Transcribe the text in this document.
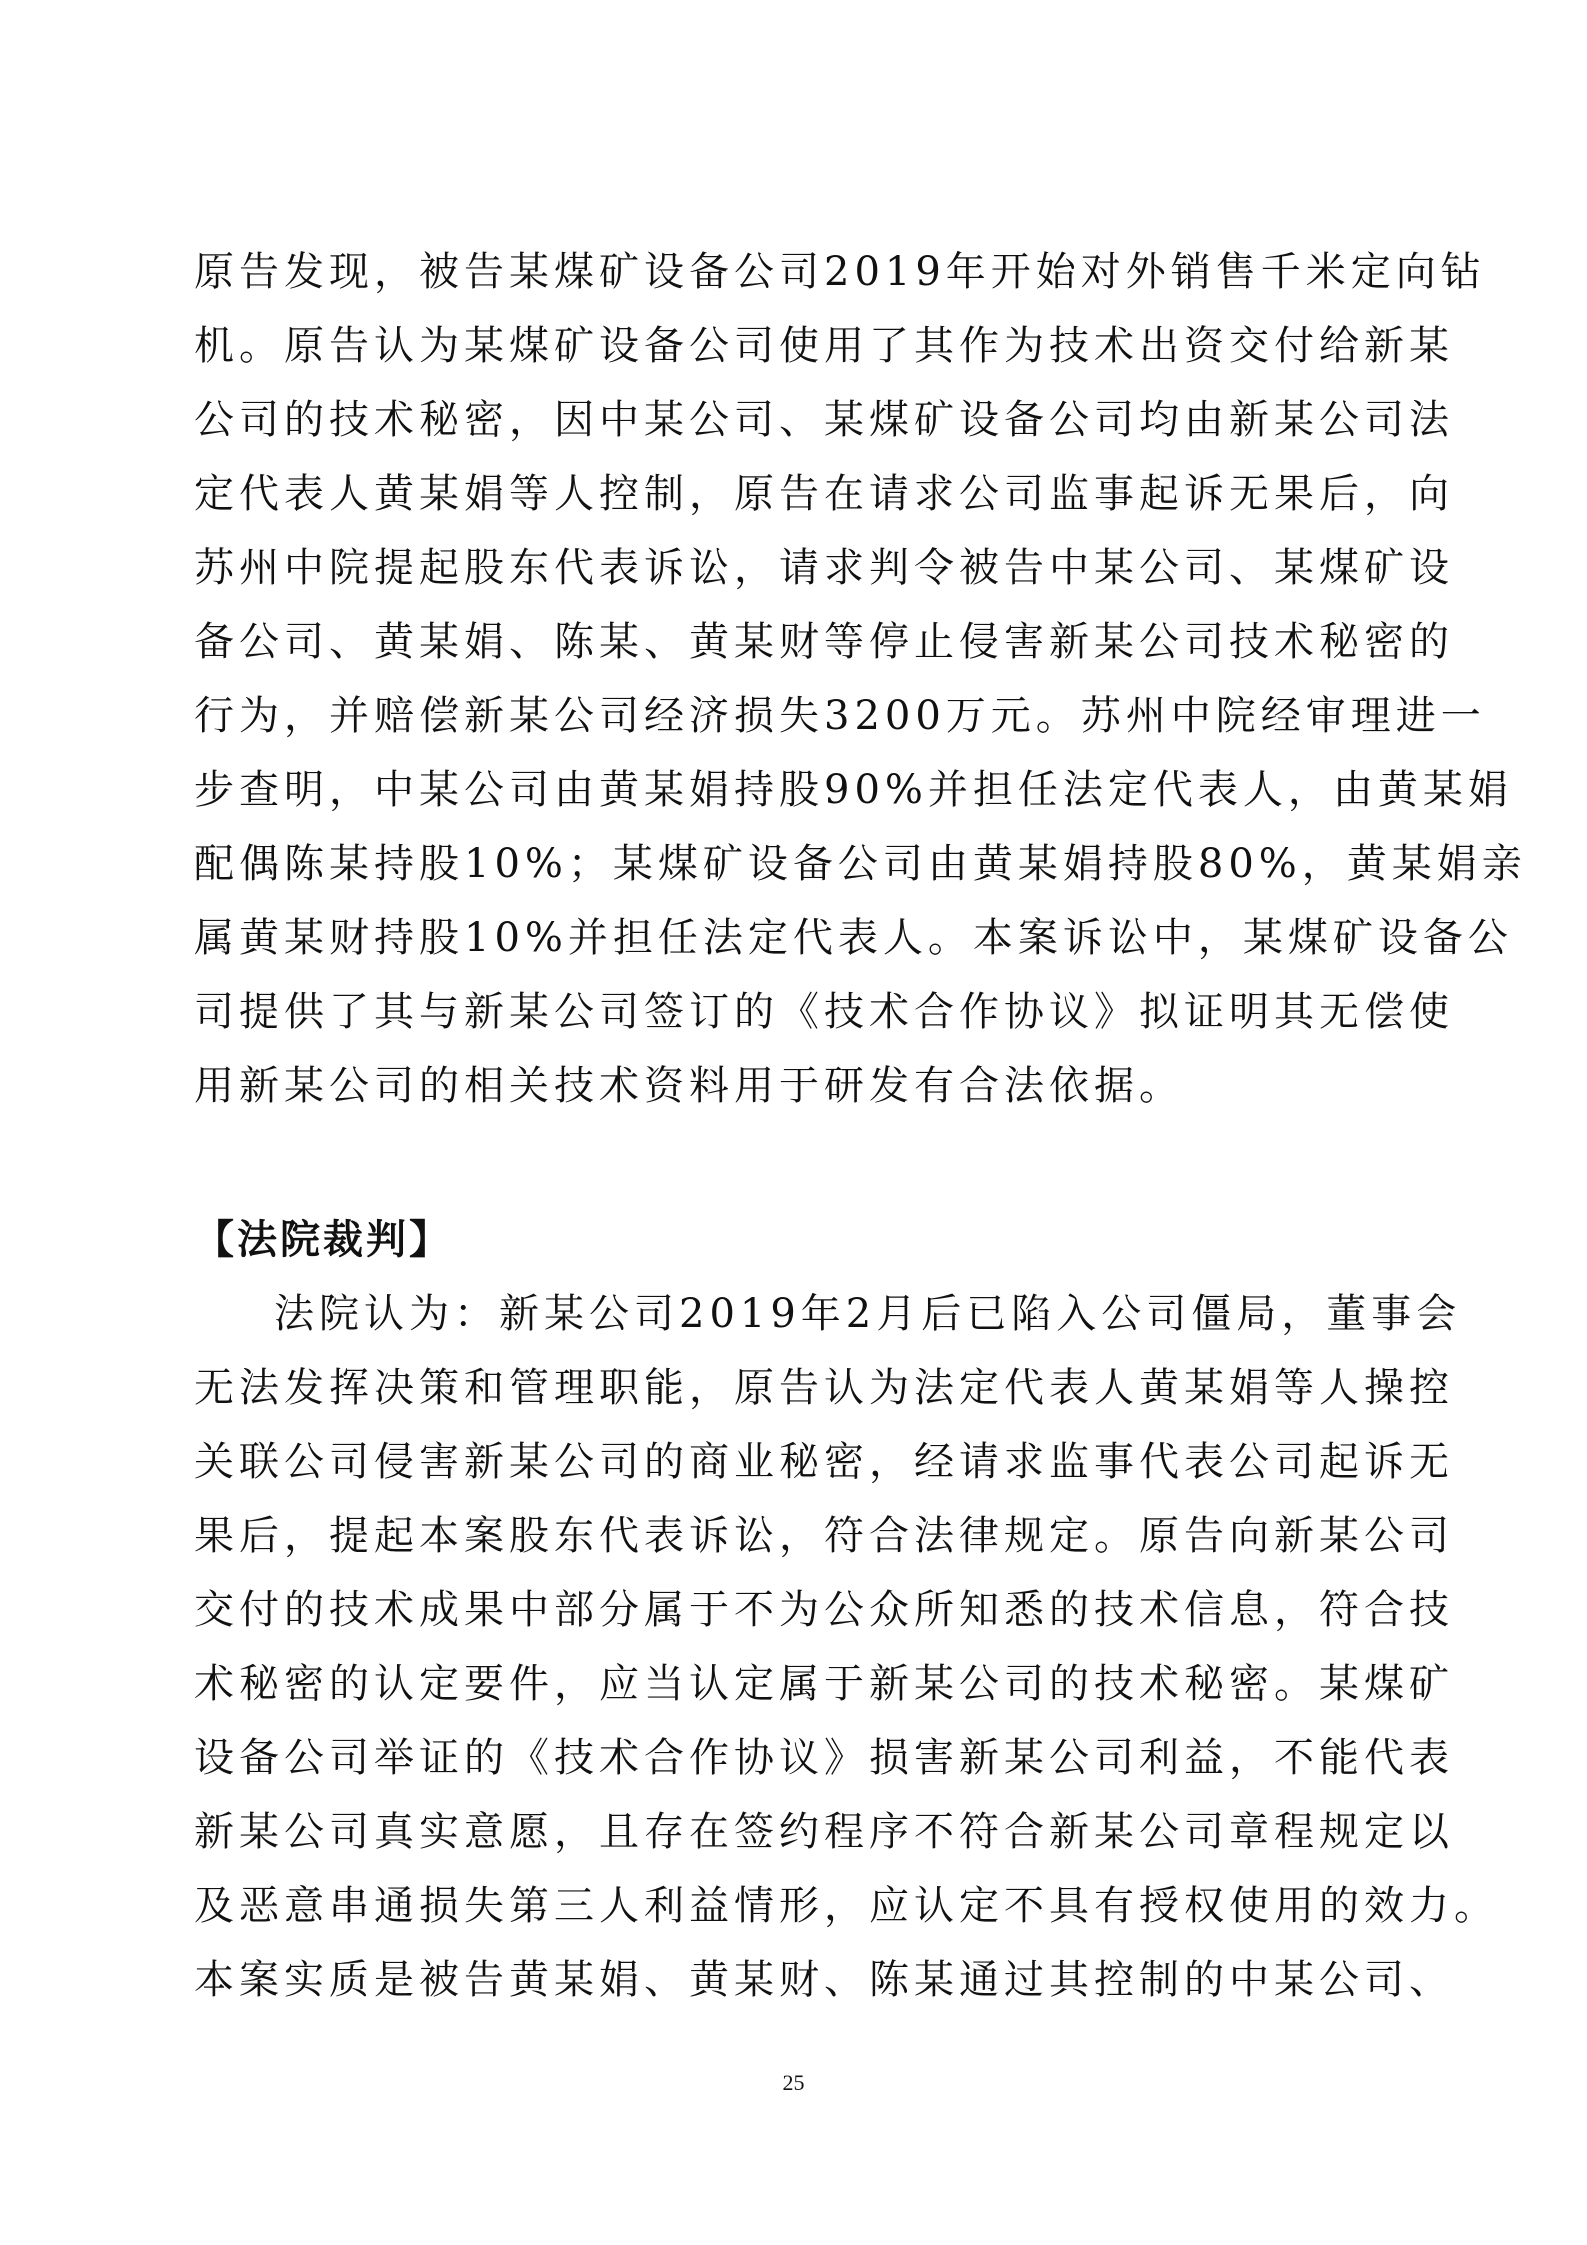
原告发现，被告某煤矿设备公司2019年开始对外销售千米定向钻
机。原告认为某煤矿设备公司使用了其作为技术出资交付给新某
公司的技术秘密，因中某公司、某煤矿设备公司均由新某公司法
定代表人黄某娟等人控制，原告在请求公司监事起诉无果后，向
苏州中院提起股东代表诉讼，请求判令被告中某公司、某煤矿设
备公司、黄某娟、陈某、黄某财等停止侵害新某公司技术秘密的
行为，并赔偿新某公司经济损失3200万元。苏州中院经审理进一
步查明，中某公司由黄某娟持股90%并担任法定代表人，由黄某娟
配偶陈某持股10%；某煤矿设备公司由黄某娟持股80%，黄某娟亲
属黄某财持股10%并担任法定代表人。本案诉讼中，某煤矿设备公
司提供了其与新某公司签订的《技术合作协议》拟证明其无偿使
用新某公司的相关技术资料用于研发有合法依据。
【法院裁判】
法院认为：新某公司2019年2月后已陷入公司僵局，董事会
无法发挥决策和管理职能，原告认为法定代表人黄某娟等人操控
关联公司侵害新某公司的商业秘密，经请求监事代表公司起诉无
果后，提起本案股东代表诉讼，符合法律规定。原告向新某公司
交付的技术成果中部分属于不为公众所知悉的技术信息，符合技
术秘密的认定要件，应当认定属于新某公司的技术秘密。某煤矿
设备公司举证的《技术合作协议》损害新某公司利益，不能代表
新某公司真实意愿，且存在签约程序不符合新某公司章程规定以
及恶意串通损失第三人利益情形，应认定不具有授权使用的效力。
本案实质是被告黄某娟、黄某财、陈某通过其控制的中某公司、
25
